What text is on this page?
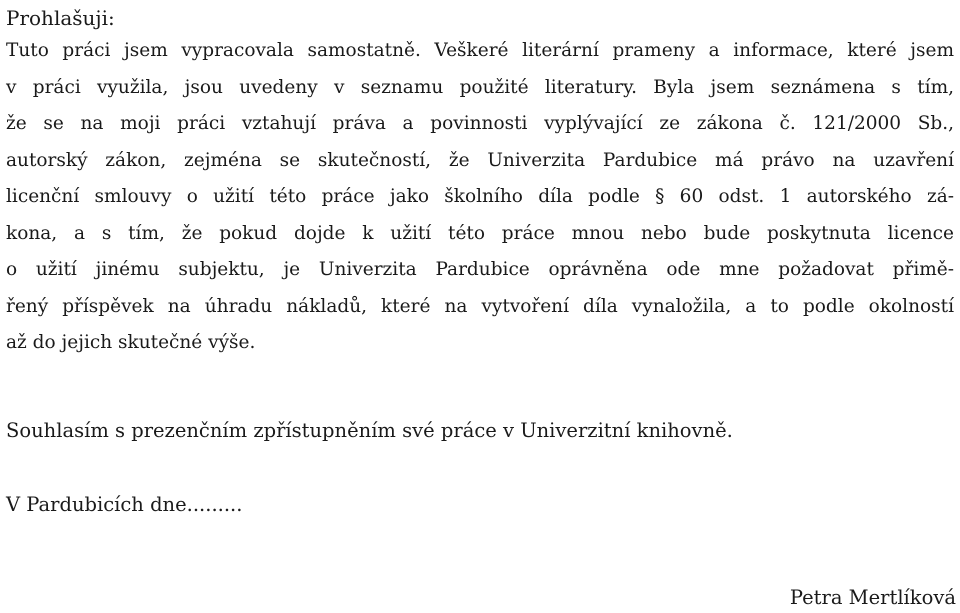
Prohlašuji:
Tuto práci jsem vypracovala samostatně. Veškeré literární prameny a informace, které jsem
v práci využila, jsou uvedeny v seznamu použité literatury. Byla jsem seznámena s tím,
že se na moji práci vztahují práva a povinnosti vyplývající ze zákona č. 121/2000 Sb.,
autorský zákon, zejména se skutečností, že Univerzita Pardubice má právo na uzavření
licenční smlouvy o užití této práce jako školního díla podle § 60 odst. 1 autorského zá-
kona, a s tím, že pokud dojde k užití této práce mnou nebo bude poskytnuta licence
o užití jinému subjektu, je Univerzita Pardubice oprávněna ode mne požadovat přimě-
řený příspěvek na úhradu nákladů, které na vytvoření díla vynaložila, a to podle okolností
až do jejich skutečné výše.
Souhlasím s prezenčním zpřístupněním své práce v Univerzitní knihovně.
V Pardubicích dne.........
Petra Mertlíková
